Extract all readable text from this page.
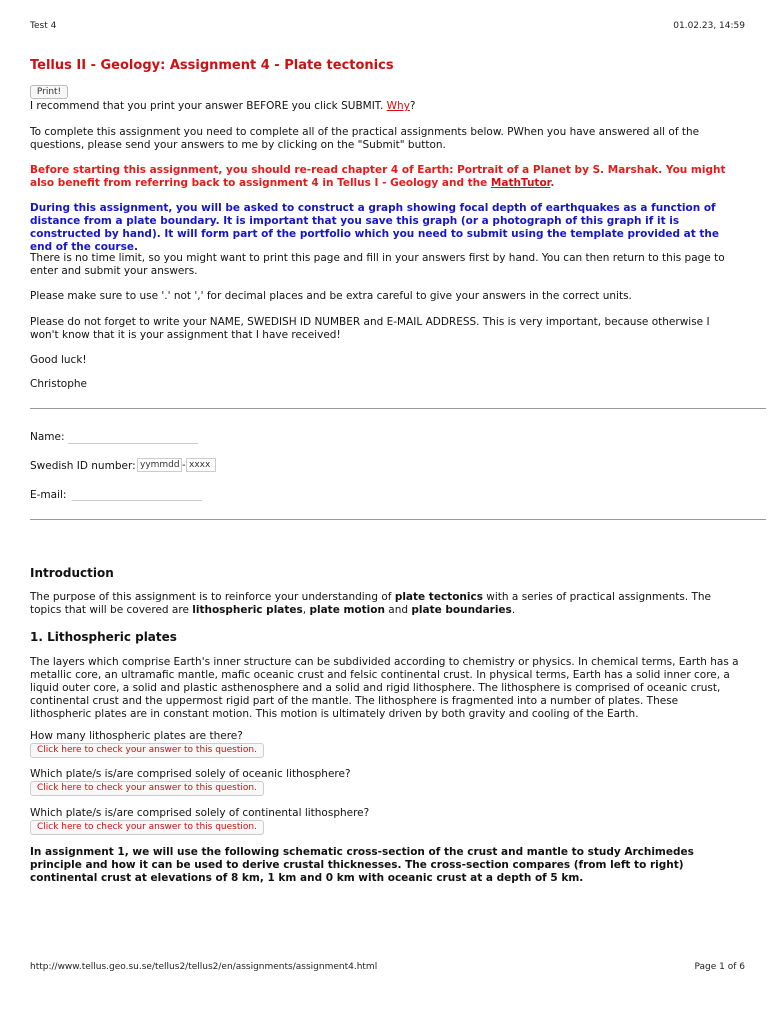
Test 4	01.02.23, 14:59
Tellus II - Geology: Assignment 4 - Plate tectonics
Print!

I recommend that you print your answer BEFORE you click SUBMIT. Why?

To complete this assignment you need to complete all of the practical assignments below. PWhen you have answered all of the questions, please send your answers to me by clicking on the "Submit" button.

Before starting this assignment, you should re-read chapter 4 of Earth: Portrait of a Planet by S. Marshak. You might also benefit from referring back to assignment 4 in Tellus I - Geology and the MathTutor.

During this assignment, you will be asked to construct a graph showing focal depth of earthquakes as a function of distance from a plate boundary. It is important that you save this graph (or a photograph of this graph if it is constructed by hand). It will form part of the portfolio which you need to submit using the template provided at the end of the course.

There is no time limit, so you might want to print this page and fill in your answers first by hand. You can then return to this page to enter and submit your answers.

Please make sure to use '.' not ',' for decimal places and be extra careful to give your answers in the correct units.

Please do not forget to write your NAME, SWEDISH ID NUMBER and E-MAIL ADDRESS. This is very important, because otherwise I won't know that it is your assignment that I have received!

Good luck!

Christophe

Name:
Swedish ID number:
yymmdd	-
xxxx
E-mail:
Introduction

The purpose of this assignment is to reinforce your understanding of plate tectonics with a series of practical assignments. The topics that will be covered are lithospheric plates, plate motion and plate boundaries.

1. Lithospheric plates

The layers which comprise Earth's inner structure can be subdivided according to chemistry or physics. In chemical terms, Earth has a metallic core, an ultramafic mantle, mafic oceanic crust and felsic continental crust. In physical terms, Earth has a solid inner core, a liquid outer core, a solid and plastic asthenosphere and a solid and rigid lithosphere. The lithosphere is comprised of oceanic crust, continental crust and the uppermost rigid part of the mantle. The lithosphere is fragmented into a number of plates. These lithospheric plates are in constant motion. This motion is ultimately driven by both gravity and cooling of the Earth.

How many lithospheric plates are there?
Click here to check your answer to this question.
Which plate/s is/are comprised solely of oceanic lithosphere?
Click here to check your answer to this question.
Which plate/s is/are comprised solely of continental lithosphere?
Click here to check your answer to this question.

In assignment 1, we will use the following schematic cross-section of the crust and mantle to study Archimedes principle and how it can be used to derive crustal thicknesses. The cross-section compares (from left to right) continental crust at elevations of 8 km, 1 km and 0 km with oceanic crust at a depth of 5 km.

http://www.tellus.geo.su.se/tellus2/tellus2/en/assignments/assignment4.html	Page 1 of 6
